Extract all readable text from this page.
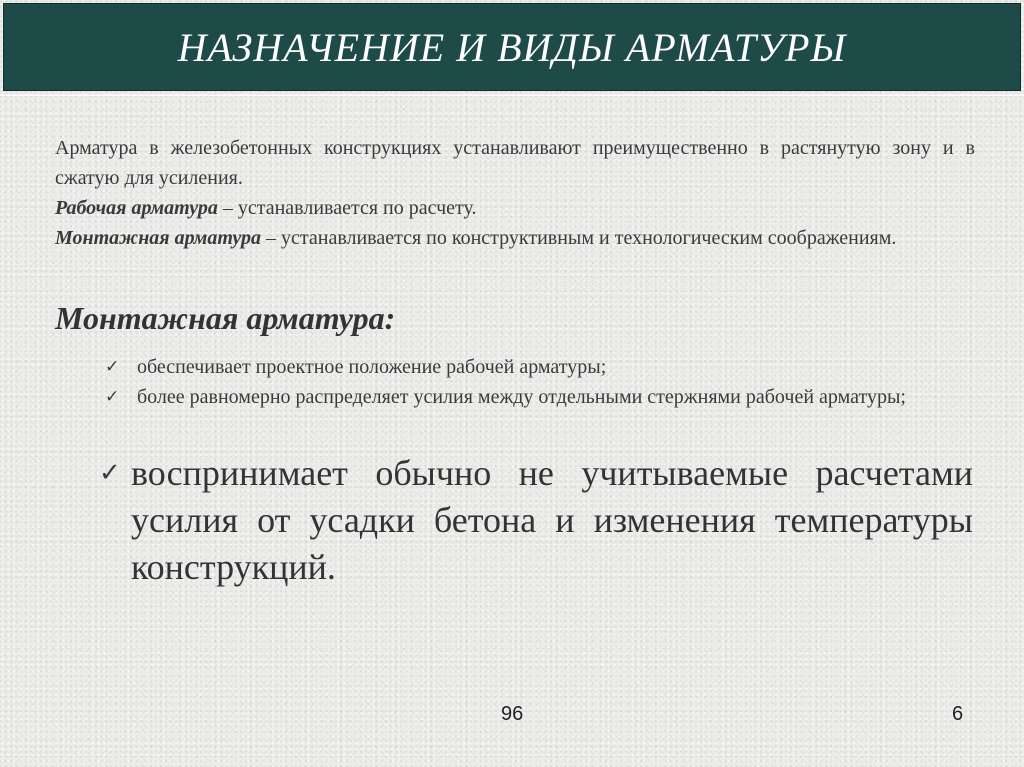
НАЗНАЧЕНИЕ И ВИДЫ АРМАТУРЫ

Арматура в железобетонных конструкциях устанавливают преимущественно в растянутую зону и в сжатую для усиления.
Рабочая арматура – устанавливается по расчету.
Монтажная арматура – устанавливается по конструктивным и технологическим соображениям.

Монтажная арматура:
✓ обеспечивает проектное положение рабочей арматуры;
✓ более равномерно распределяет усилия между отдельными стержнями рабочей арматуры;
✓ воспринимает обычно не учитываемые расчетами усилия от усадки бетона и изменения температуры конструкций.
96	6
